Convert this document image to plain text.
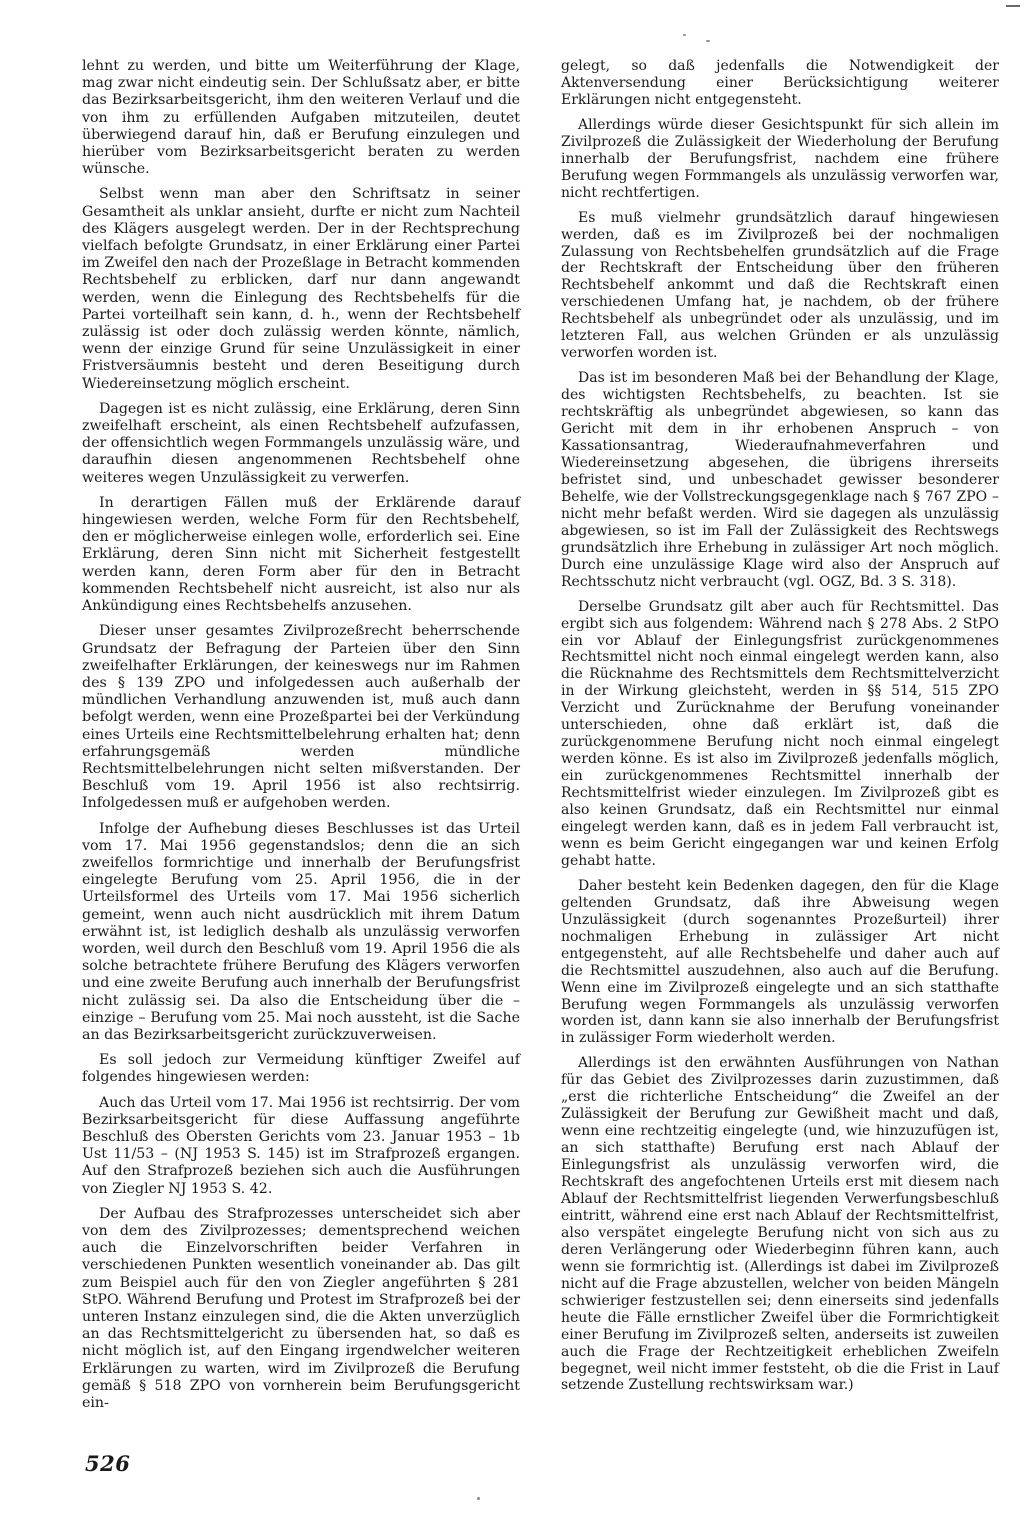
lehnt zu werden, und bitte um Weiterführung der Klage, mag zwar nicht eindeutig sein. Der Schlußsatz aber, er bitte das Bezirksarbeitsgericht, ihm den weiteren Verlauf und die von ihm zu erfüllenden Aufgaben mitzuteilen, deutet überwiegend darauf hin, daß er Berufung einzulegen und hierüber vom Bezirksarbeitsgericht beraten zu werden wünsche.

Selbst wenn man aber den Schriftsatz in seiner Gesamtheit als unklar ansieht, durfte er nicht zum Nachteil des Klägers ausgelegt werden. Der in der Rechtsprechung vielfach befolgte Grundsatz, in einer Erklärung einer Partei im Zweifel den nach der Prozeßlage in Betracht kommenden Rechtsbehelf zu erblicken, darf nur dann angewandt werden, wenn die Einlegung des Rechtsbehelfs für die Partei vorteilhaft sein kann, d. h., wenn der Rechtsbehelf zulässig ist oder doch zulässig werden könnte, nämlich, wenn der einzige Grund für seine Unzulässigkeit in einer Fristversäumnis besteht und deren Beseitigung durch Wiedereinsetzung möglich erscheint.

Dagegen ist es nicht zulässig, eine Erklärung, deren Sinn zweifelhaft erscheint, als einen Rechtsbehelf aufzufassen, der offensichtlich wegen Formmangels unzulässig wäre, und daraufhin diesen angenommenen Rechtsbehelf ohne weiteres wegen Unzulässigkeit zu verwerfen.

In derartigen Fällen muß der Erklärende darauf hingewiesen werden, welche Form für den Rechtsbehelf, den er möglicherweise einlegen wolle, erforderlich sei. Eine Erklärung, deren Sinn nicht mit Sicherheit festgestellt werden kann, deren Form aber für den in Betracht kommenden Rechtsbehelf nicht ausreicht, ist also nur als Ankündigung eines Rechtsbehelfs anzusehen.

Dieser unser gesamtes Zivilprozeßrecht beherrschende Grundsatz der Befragung der Parteien über den Sinn zweifelhafter Erklärungen, der keineswegs nur im Rahmen des § 139 ZPO und infolgedessen auch außerhalb der mündlichen Verhandlung anzuwenden ist, muß auch dann befolgt werden, wenn eine Prozeßpartei bei der Verkündung eines Urteils eine Rechtsmittelbelehrung erhalten hat; denn erfahrungsgemäß werden mündliche Rechtsmittelbelehrungen nicht selten mißverstanden. Der Beschluß vom 19. April 1956 ist also rechtsirrig. Infolgedessen muß er aufgehoben werden.

Infolge der Aufhebung dieses Beschlusses ist das Urteil vom 17. Mai 1956 gegenstandslos; denn die an sich zweifellos formrichtige und innerhalb der Berufungsfrist eingelegte Berufung vom 25. April 1956, die in der Urteilsformel des Urteils vom 17. Mai 1956 sicherlich gemeint, wenn auch nicht ausdrücklich mit ihrem Datum erwähnt ist, ist lediglich deshalb als unzulässig verworfen worden, weil durch den Beschluß vom 19. April 1956 die als solche betrachtete frühere Berufung des Klägers verworfen und eine zweite Berufung auch innerhalb der Berufungsfrist nicht zulässig sei. Da also die Entscheidung über die – einzige – Berufung vom 25. Mai noch aussteht, ist die Sache an das Bezirksarbeitsgericht zurückzuverweisen.

Es soll jedoch zur Vermeidung künftiger Zweifel auf folgendes hingewiesen werden:

Auch das Urteil vom 17. Mai 1956 ist rechtsirrig. Der vom Bezirksarbeitsgericht für diese Auffassung angeführte Beschluß des Obersten Gerichts vom 23. Januar 1953 – 1b Ust 11/53 – (NJ 1953 S. 145) ist im Strafprozeß ergangen. Auf den Strafprozeß beziehen sich auch die Ausführungen von Ziegler NJ 1953 S. 42.

Der Aufbau des Strafprozesses unterscheidet sich aber von dem des Zivilprozesses; dementsprechend weichen auch die Einzelvorschriften beider Verfahren in verschiedenen Punkten wesentlich voneinander ab. Das gilt zum Beispiel auch für den von Ziegler angeführten § 281 StPO. Während Berufung und Protest im Strafprozeß bei der unteren Instanz einzulegen sind, die die Akten unverzüglich an das Rechtsmittelgericht zu übersenden hat, so daß es nicht möglich ist, auf den Eingang irgendwelcher weiteren Erklärungen zu warten, wird im Zivilprozeß die Berufung gemäß § 518 ZPO von vornherein beim Berufungsgericht ein-

gelegt, so daß jedenfalls die Notwendigkeit der Aktenversendung einer Berücksichtigung weiterer Erklärungen nicht entgegensteht.

Allerdings würde dieser Gesichtspunkt für sich allein im Zivilprozeß die Zulässigkeit der Wiederholung der Berufung innerhalb der Berufungsfrist, nachdem eine frühere Berufung wegen Formmangels als unzulässig verworfen war, nicht rechtfertigen.

Es muß vielmehr grundsätzlich darauf hingewiesen werden, daß es im Zivilprozeß bei der nochmaligen Zulassung von Rechtsbehelfen grundsätzlich auf die Frage der Rechtskraft der Entscheidung über den früheren Rechtsbehelf ankommt und daß die Rechtskraft einen verschiedenen Umfang hat, je nachdem, ob der frühere Rechtsbehelf als unbegründet oder als unzulässig, und im letzteren Fall, aus welchen Gründen er als unzulässig verworfen worden ist.

Das ist im besonderen Maß bei der Behandlung der Klage, des wichtigsten Rechtsbehelfs, zu beachten. Ist sie rechtskräftig als unbegründet abgewiesen, so kann das Gericht mit dem in ihr erhobenen Anspruch – von Kassationsantrag, Wiederaufnahmeverfahren und Wiedereinsetzung abgesehen, die übrigens ihrerseits befristet sind, und unbeschadet gewisser besonderer Behelfe, wie der Vollstreckungsgegenklage nach § 767 ZPO – nicht mehr befaßt werden. Wird sie dagegen als unzulässig abgewiesen, so ist im Fall der Zulässigkeit des Rechtswegs grundsätzlich ihre Erhebung in zulässiger Art noch möglich. Durch eine unzulässige Klage wird also der Anspruch auf Rechtsschutz nicht verbraucht (vgl. OGZ, Bd. 3 S. 318).

Derselbe Grundsatz gilt aber auch für Rechtsmittel. Das ergibt sich aus folgendem: Während nach § 278 Abs. 2 StPO ein vor Ablauf der Einlegungsfrist zurückgenommenes Rechtsmittel nicht noch einmal eingelegt werden kann, also die Rücknahme des Rechtsmittels dem Rechtsmittelverzicht in der Wirkung gleichsteht, werden in §§ 514, 515 ZPO Verzicht und Zurücknahme der Berufung voneinander unterschieden, ohne daß erklärt ist, daß die zurückgenommene Berufung nicht noch einmal eingelegt werden könne. Es ist also im Zivilprozeß jedenfalls möglich, ein zurückgenommenes Rechtsmittel innerhalb der Rechtsmittelfrist wieder einzulegen. Im Zivilprozeß gibt es also keinen Grundsatz, daß ein Rechtsmittel nur einmal eingelegt werden kann, daß es in jedem Fall verbraucht ist, wenn es beim Gericht eingegangen war und keinen Erfolg gehabt hatte.

Daher besteht kein Bedenken dagegen, den für die Klage geltenden Grundsatz, daß ihre Abweisung wegen Unzulässigkeit (durch sogenanntes Prozeßurteil) ihrer nochmaligen Erhebung in zulässiger Art nicht entgegensteht, auf alle Rechtsbehelfe und daher auch auf die Rechtsmittel auszudehnen, also auch auf die Berufung. Wenn eine im Zivilprozeß eingelegte und an sich statthafte Berufung wegen Formmangels als unzulässig verworfen worden ist, dann kann sie also innerhalb der Berufungsfrist in zulässiger Form wiederholt werden.

Allerdings ist den erwähnten Ausführungen von Nathan für das Gebiet des Zivilprozesses darin zuzustimmen, daß „erst die richterliche Entscheidung“ die Zweifel an der Zulässigkeit der Berufung zur Gewißheit macht und daß, wenn eine rechtzeitig eingelegte (und, wie hinzuzufügen ist, an sich statthafte) Berufung erst nach Ablauf der Einlegungsfrist als unzulässig verworfen wird, die Rechtskraft des angefochtenen Urteils erst mit diesem nach Ablauf der Rechtsmittelfrist liegenden Verwerfungsbeschluß eintritt, während eine erst nach Ablauf der Rechtsmittelfrist, also verspätet eingelegte Berufung nicht von sich aus zu deren Verlängerung oder Wiederbeginn führen kann, auch wenn sie formrichtig ist. (Allerdings ist dabei im Zivilprozeß nicht auf die Frage abzustellen, welcher von beiden Mängeln schwieriger festzustellen sei; denn einerseits sind jedenfalls heute die Fälle ernstlicher Zweifel über die Formrichtigkeit einer Berufung im Zivilprozeß selten, anderseits ist zuweilen auch die Frage der Rechtzeitigkeit erheblichen Zweifeln begegnet, weil nicht immer feststeht, ob die die Frist in Lauf setzende Zustellung rechtswirksam war.)

526
